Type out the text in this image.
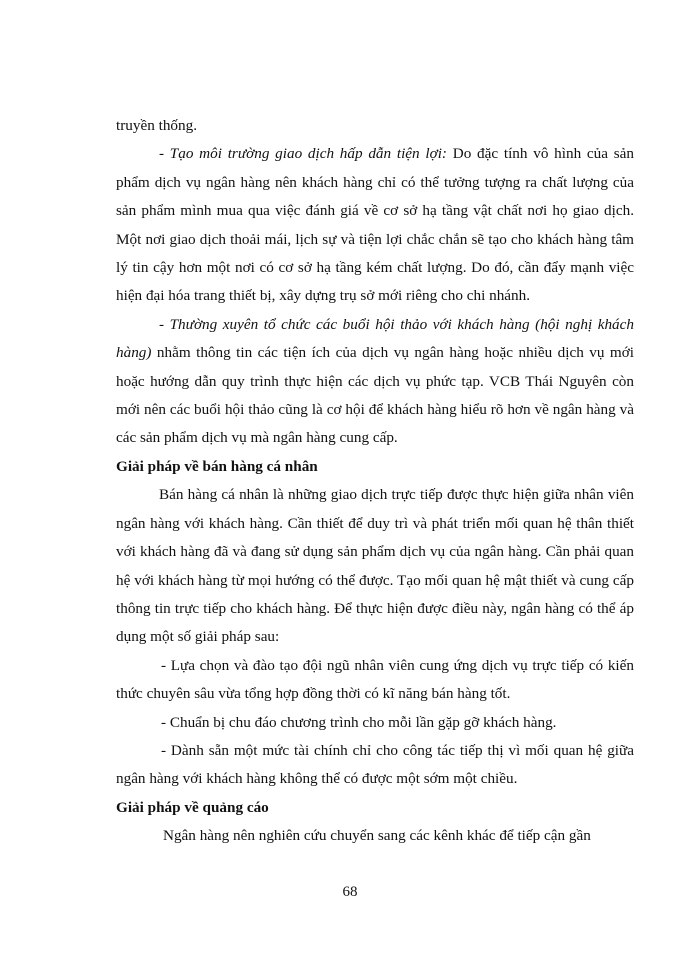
truyền thống.

- Tạo môi trường giao dịch hấp dẫn tiện lợi: Do đặc tính vô hình của sản phẩm dịch vụ ngân hàng nên khách hàng chỉ có thể tưởng tượng ra chất lượng của sản phẩm mình mua qua việc đánh giá về cơ sở hạ tầng vật chất nơi họ giao dịch. Một nơi giao dịch thoải mái, lịch sự và tiện lợi chắc chắn sẽ tạo cho khách hàng tâm lý tin cậy hơn một nơi có cơ sở hạ tầng kém chất lượng. Do đó, cần đẩy mạnh việc hiện đại hóa trang thiết bị, xây dựng trụ sở mới riêng cho chi nhánh.

- Thường xuyên tổ chức các buổi hội thảo với khách hàng (hội nghị khách hàng) nhằm thông tin các tiện ích của dịch vụ ngân hàng hoặc nhiều dịch vụ mới hoặc hướng dẫn quy trình thực hiện các dịch vụ phức tạp. VCB Thái Nguyên còn mới nên các buổi hội thảo cũng là cơ hội để khách hàng hiểu rõ hơn về ngân hàng và các sản phẩm dịch vụ mà ngân hàng cung cấp.

Giải pháp về bán hàng cá nhân

Bán hàng cá nhân là những giao dịch trực tiếp được thực hiện giữa nhân viên ngân hàng với khách hàng. Cần thiết để duy trì và phát triển mối quan hệ thân thiết với khách hàng đã và đang sử dụng sản phẩm dịch vụ của ngân hàng. Cần phải quan hệ với khách hàng từ mọi hướng có thể được. Tạo mối quan hệ mật thiết và cung cấp thông tin trực tiếp cho khách hàng. Để thực hiện được điều này, ngân hàng có thể áp dụng một số giải pháp sau:

- Lựa chọn và đào tạo đội ngũ nhân viên cung ứng dịch vụ trực tiếp có kiến thức chuyên sâu vừa tổng hợp đồng thời có kĩ năng bán hàng tốt.

- Chuẩn bị chu đáo chương trình cho mỗi lần gặp gỡ khách hàng.

- Dành sẵn một mức tài chính chỉ cho công tác tiếp thị vì mối quan hệ giữa ngân hàng với khách hàng không thể có được một sớm một chiều.

Giải pháp về quảng cáo

Ngân hàng nên nghiên cứu chuyển sang các kênh khác để tiếp cận gần

68
